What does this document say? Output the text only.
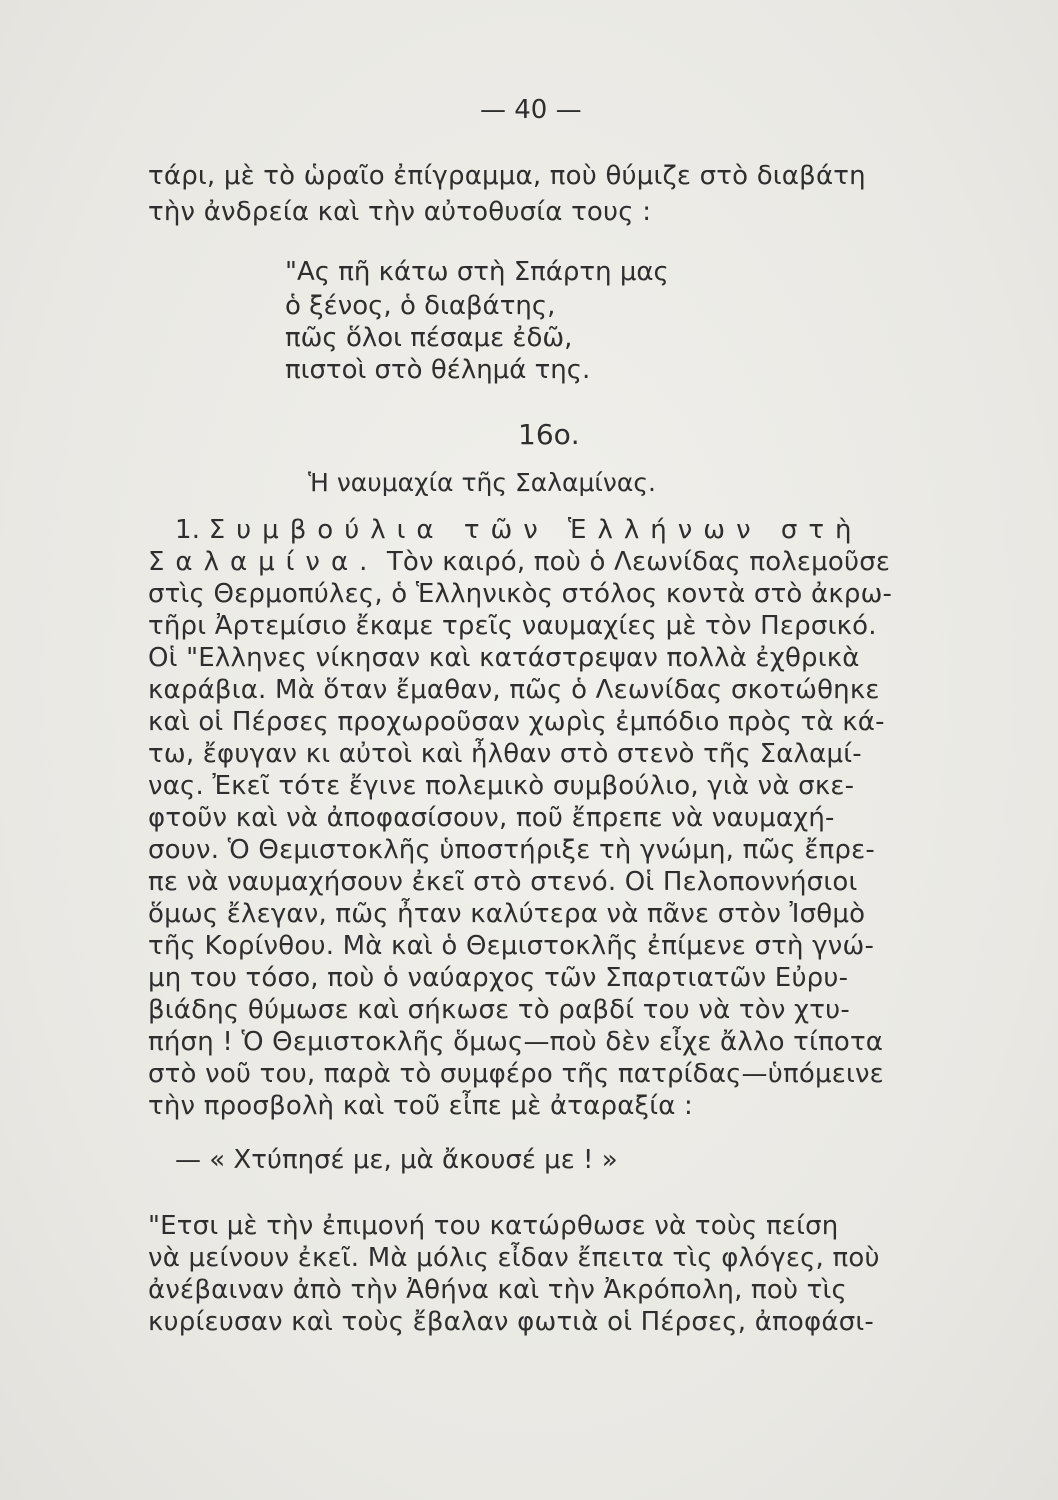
— 40 —
τάρι, μὲ τὸ ὡραῖο ἐπίγραμμα, ποὺ θύμιζε στὸ διαβάτη
τὴν ἀνδρεία καὶ τὴν αὐτοθυσία τους :
"Ας πῆ κάτω στὴ Σπάρτη μας
ὁ ξένος, ὁ διαβάτης,
πῶς ὅλοι πέσαμε ἐδῶ,
πιστοὶ στὸ θέλημά της.
16ο.
Ἡ ναυμαχία τῆς Σαλαμίνας.
1. Συμβούλια τῶν Ἑλλήνων στὴ
Σαλαμίνα. Τὸν καιρό, ποὺ ὁ Λεωνίδας πολεμοῦσε
στὶς Θερμοπύλες, ὁ Ἑλληνικὸς στόλος κοντὰ στὸ ἀκρω-
τῆρι Ἀρτεμίσιο ἔκαμε τρεῖς ναυμαχίες μὲ τὸν Περσικό.
Οἱ "Ελληνες νίκησαν καὶ κατάστρεψαν πολλὰ ἐχθρικὰ
καράβια. Μὰ ὅταν ἔμαθαν, πῶς ὁ Λεωνίδας σκοτώθηκε
καὶ οἱ Πέρσες προχωροῦσαν χωρὶς ἐμπόδιο πρὸς τὰ κά-
τω, ἔφυγαν κι αὐτοὶ καὶ ἦλθαν στὸ στενὸ τῆς Σαλαμί-
νας. Ἐκεῖ τότε ἔγινε πολεμικὸ συμβούλιο, γιὰ νὰ σκε-
φτοῦν καὶ νὰ ἀποφασίσουν, ποῦ ἔπρεπε νὰ ναυμαχή-
σουν. Ὁ Θεμιστοκλῆς ὑποστήριξε τὴ γνώμη, πῶς ἔπρε-
πε νὰ ναυμαχήσουν ἐκεῖ στὸ στενό. Οἱ Πελοποννήσιοι
ὅμως ἔλεγαν, πῶς ἦταν καλύτερα νὰ πᾶνε στὸν Ἰσθμὸ
τῆς Κορίνθου. Μὰ καὶ ὁ Θεμιστοκλῆς ἐπίμενε στὴ γνώ-
μη του τόσο, ποὺ ὁ ναύαρχος τῶν Σπαρτιατῶν Εὐρυ-
βιάδης θύμωσε καὶ σήκωσε τὸ ραβδί του νὰ τὸν χτυ-
πήση ! Ὁ Θεμιστοκλῆς ὅμως—ποὺ δὲν εἶχε ἄλλο τίποτα
στὸ νοῦ του, παρὰ τὸ συμφέρο τῆς πατρίδας—ὑπόμεινε
τὴν προσβολὴ καὶ τοῦ εἶπε μὲ ἀταραξία :
— « Χτύπησέ με, μὰ ἄκουσέ με ! »
"Ετσι μὲ τὴν ἐπιμονή του κατώρθωσε νὰ τοὺς πείση
νὰ μείνουν ἐκεῖ. Μὰ μόλις εἶδαν ἔπειτα τὶς φλόγες, ποὺ
ἀνέβαιναν ἀπὸ τὴν Ἀθήνα καὶ τὴν Ἀκρόπολη, ποὺ τὶς
κυρίευσαν καὶ τοὺς ἔβαλαν φωτιὰ οἱ Πέρσες, ἀποφάσι-
